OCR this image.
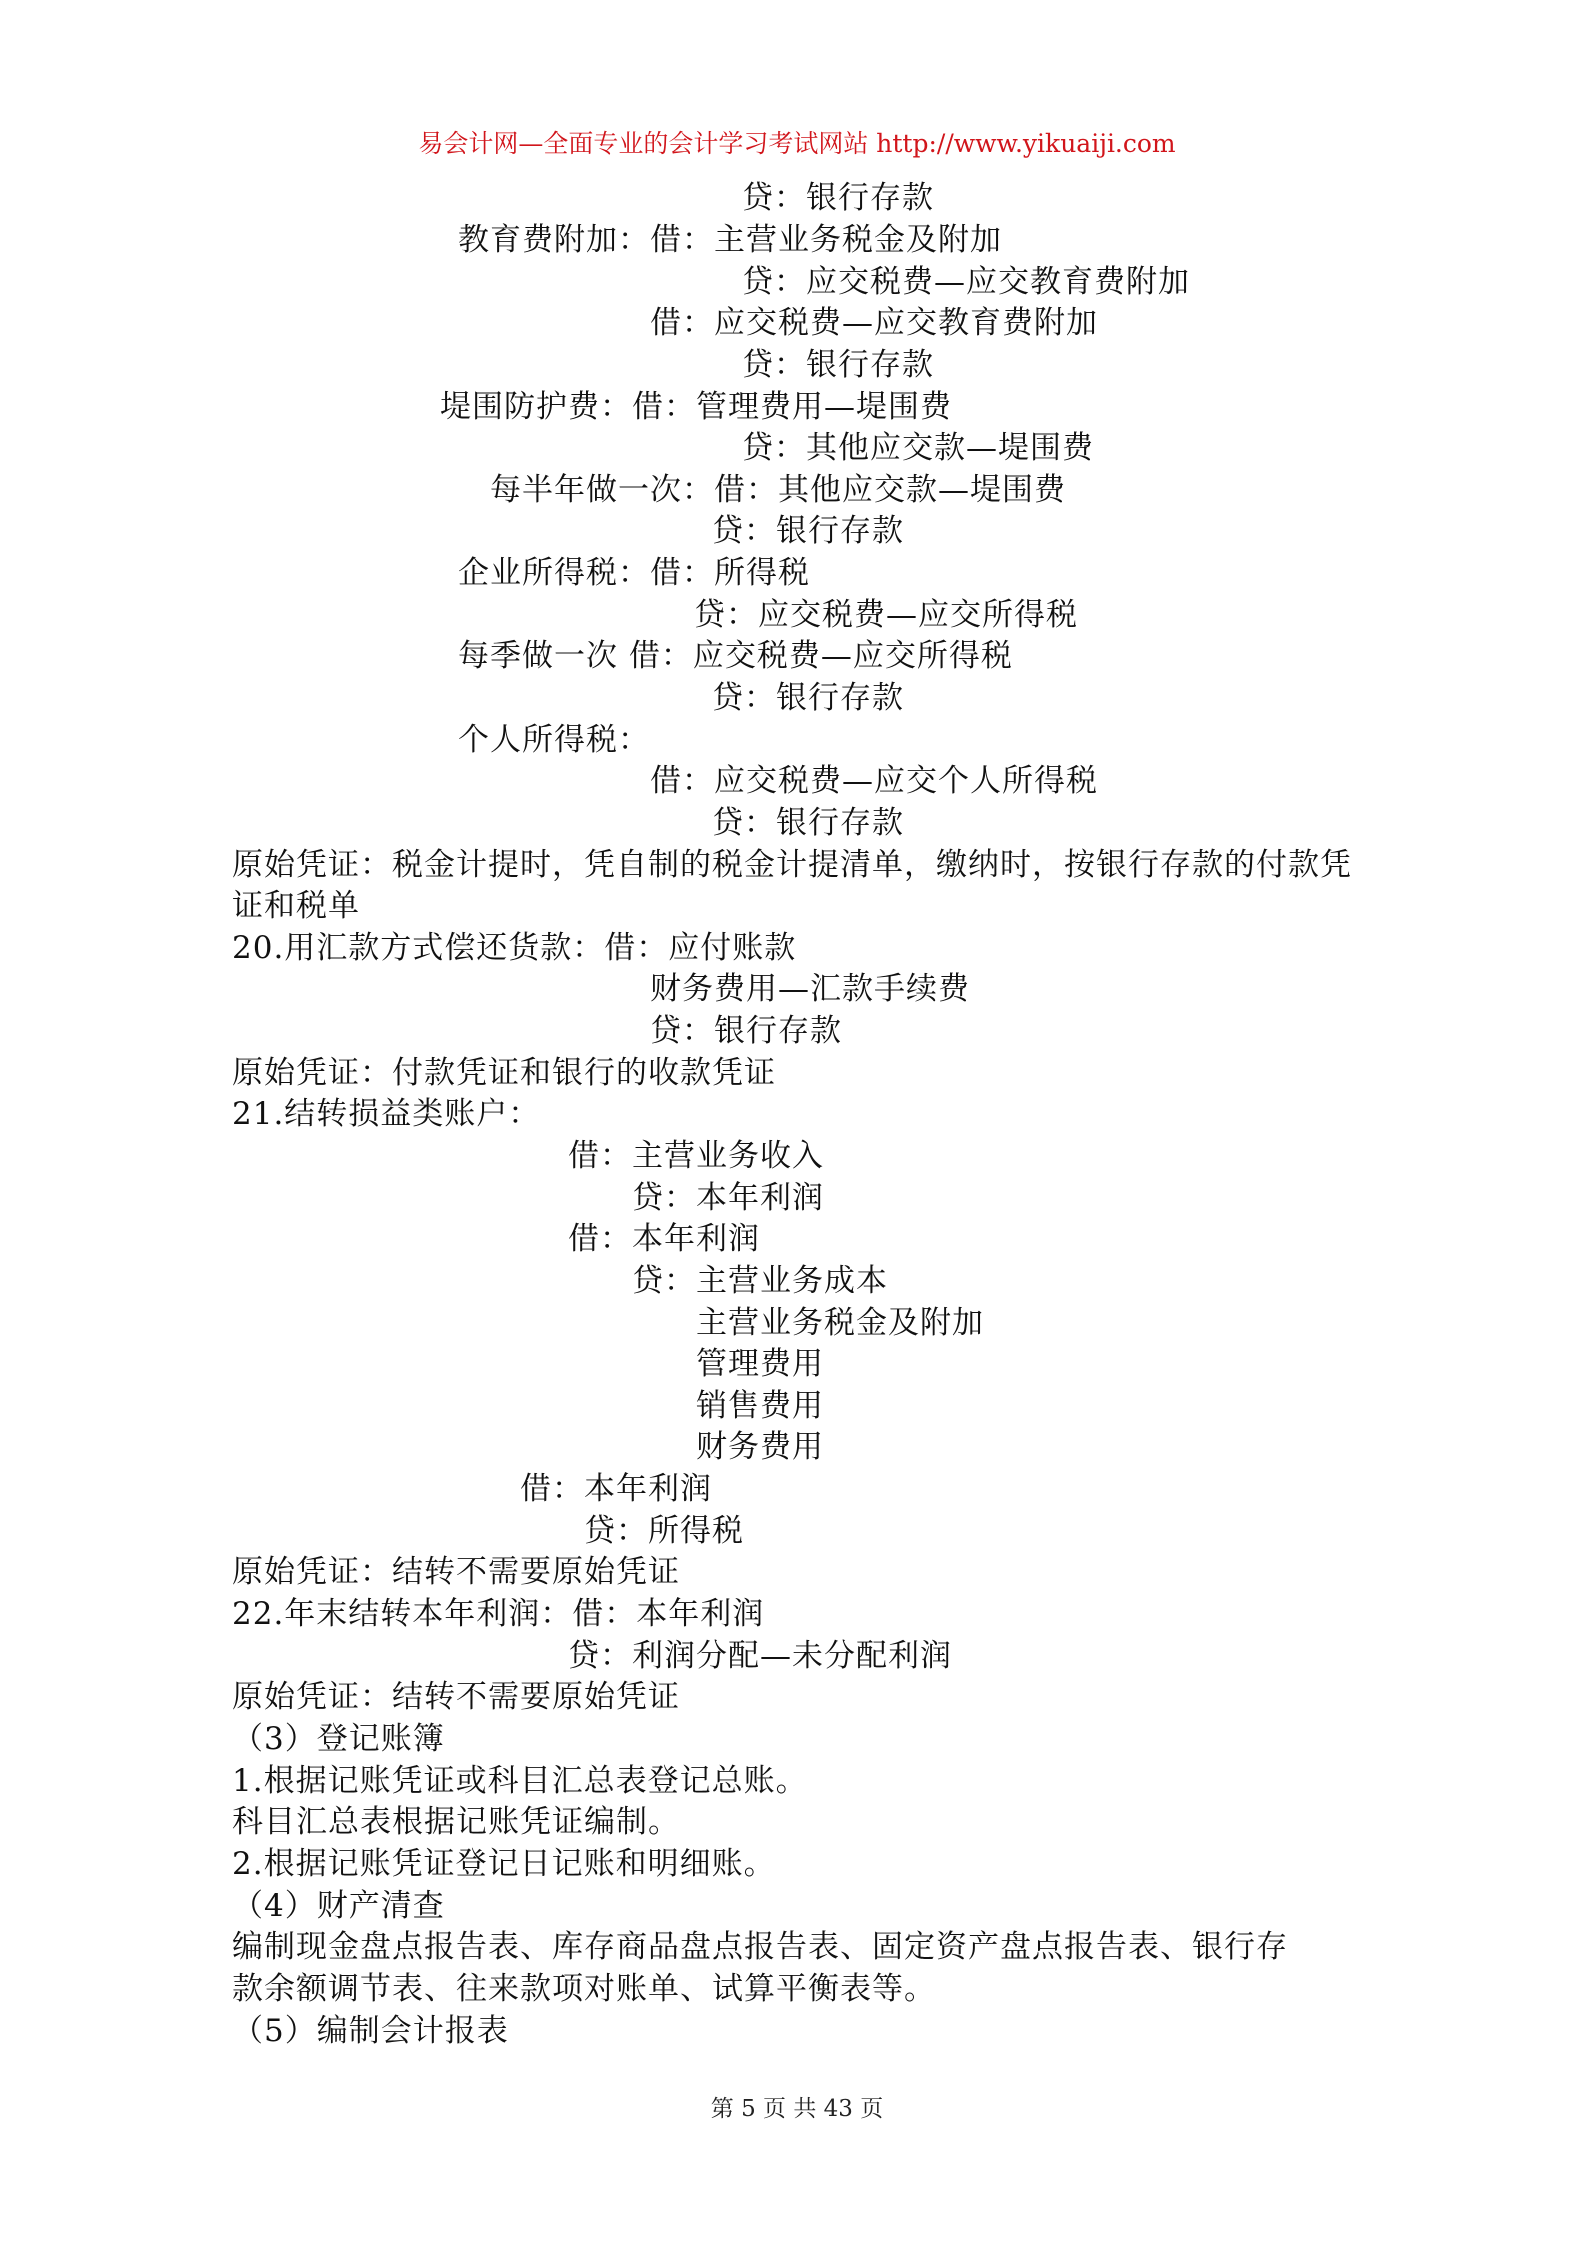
易会计网—全面专业的会计学习考试网站 http://www.yikuaiji.com
贷：银行存款
教育费附加：借：主营业务税金及附加
贷：应交税费—应交教育费附加
借：应交税费—应交教育费附加
贷：银行存款
堤围防护费：借：管理费用—堤围费
贷：其他应交款—堤围费
每半年做一次：借：其他应交款—堤围费
贷：银行存款
企业所得税：借：所得税
贷：应交税费—应交所得税
每季做一次 借：应交税费—应交所得税
贷：银行存款
个人所得税：
借：应交税费—应交个人所得税
贷：银行存款
原始凭证：税金计提时，凭自制的税金计提清单，缴纳时，按银行存款的付款凭
证和税单
20.用汇款方式偿还货款：借：应付账款
财务费用—汇款手续费
贷：银行存款
原始凭证：付款凭证和银行的收款凭证
21.结转损益类账户：
借：主营业务收入
贷：本年利润
借：本年利润
贷：主营业务成本
主营业务税金及附加
管理费用
销售费用
财务费用
借：本年利润
贷：所得税
原始凭证：结转不需要原始凭证
22.年末结转本年利润：借：本年利润
贷：利润分配—未分配利润
原始凭证：结转不需要原始凭证
（3）登记账簿
1.根据记账凭证或科目汇总表登记总账。
科目汇总表根据记账凭证编制。
2.根据记账凭证登记日记账和明细账。
（4）财产清查
编制现金盘点报告表、库存商品盘点报告表、固定资产盘点报告表、银行存
款余额调节表、往来款项对账单、试算平衡表等。
（5）编制会计报表
第 5 页 共 43 页
